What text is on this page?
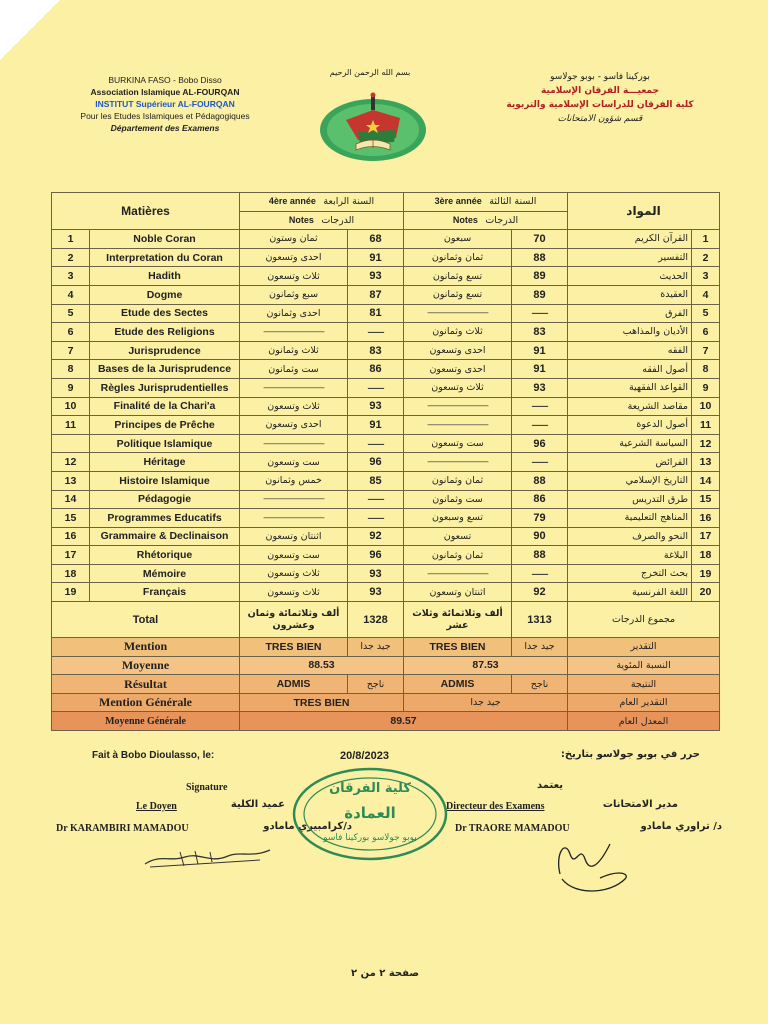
BURKINA FASO - Bobo Disso
Association Islamique AL-FOURQAN
INSTITUT Supérieur AL-FOURQAN
Pour les Etudes Islamiques et Pédagogiques
Département des Examens
بسم الله الرحمن الرحيم	بوركينا فاسو - بوبو جولاسو
جمعيـــة الفرقان الإسلامية
كلية الفرقان للدراسات الإسلامية والتربوية
قسم شؤون الامتحانات
Matières		4ère année السنة الرابعة		3ère année السنة الثالثة		المواد	
		Notes الدرجات		Notes الدرجات			
1	Noble Coran	ثمان وستون	68	سبعون	70	القرآن الكريم	1
2	Interpretation du Coran	احدى وتسعون	91	ثمان وثمانون	88	التفسير	2
3	Hadith	ثلاث وتسعون	93	تسع وثمانون	89	الحديث	3
4	Dogme	سبع وثمانون	87	تسع وثمانون	89	العقيدة	4
5	Etude des Sectes	احدى وثمانون	81	---------------------------	--------	الفرق	5
6	Etude des Religions	---------------------------	--------	ثلاث وثمانون	83	الأديان والمذاهب	6
7	Jurisprudence	ثلاث وثمانون	83	احدى وتسعون	91	الفقه	7
8	Bases de la Jurisprudence	ست وثمانون	86	احدى وتسعون	91	أصول الفقه	8
9	Règles Jurisprudentielles	---------------------------	--------	ثلاث وتسعون	93	القواعد الفقهية	9
10	Finalité de la Chari'a	ثلاث وتسعون	93	---------------------------	--------	مقاصد الشريعة	10
11	Principes de Prêche	احدى وتسعون	91	---------------------------	--------	أصول الدعوة	11
	Politique Islamique	---------------------------	--------	ست وتسعون	96	السياسة الشرعية	12
12	Héritage	ست وتسعون	96	---------------------------	--------	الفرائض	13
13	Histoire Islamique	خمس وثمانون	85	ثمان وثمانون	88	التاريخ الإسلامي	14
14	Pédagogie	---------------------------	--------	ست وثمانون	86	طرق التدريس	15
15	Programmes Educatifs	---------------------------	--------	تسع وسبعون	79	المناهج التعليمية	16
16	Grammaire & Declinaison	اثنتان وتسعون	92	تسعون	90	النحو والصرف	17
17	Rhétorique	ست وتسعون	96	ثمان وثمانون	88	البلاغة	18
18	Mémoire	ثلاث وتسعون	93	---------------------------	--------	بحث التخرج	19
19	Français	ثلاث وتسعون	93	اثنتان وتسعون	92	اللغة الفرنسية	20
Total		ألف وثلاثمائة وثمان وعشرون	1328	ألف وثلاثمائة وثلاث عشر	1313	مجموع الدرجات	
Mention		TRES BIEN	جيد جدا	TRES BIEN	جيد جدا	التقدير	
Moyenne		88.53		87.53		النسبة المئوية	
Résultat		ADMIS	ناجح	ADMIS	ناجح	النتيجة	
Mention Générale		TRES BIEN		جيد جدا		التقدير العام	
Moyenne Générale		89.57				المعدل العام	
Fait à Bobo Dioulasso, le:	20/8/2023	حرر في بوبو جولاسو بتاريخ:
Signature	يعتمد
Le Doyen	عميد الكلية	Directeur des Examens	مدير الامتحانات
Dr KARAMBIRI MAMADOU	د/كرامبيري مامادو	Dr TRAORE MAMADOU	د/ تراوري مامادو
كلية الفرقان
العمادة
بوبو جولاسو بوركينا فاسو
صفحة ٢ من ٢
